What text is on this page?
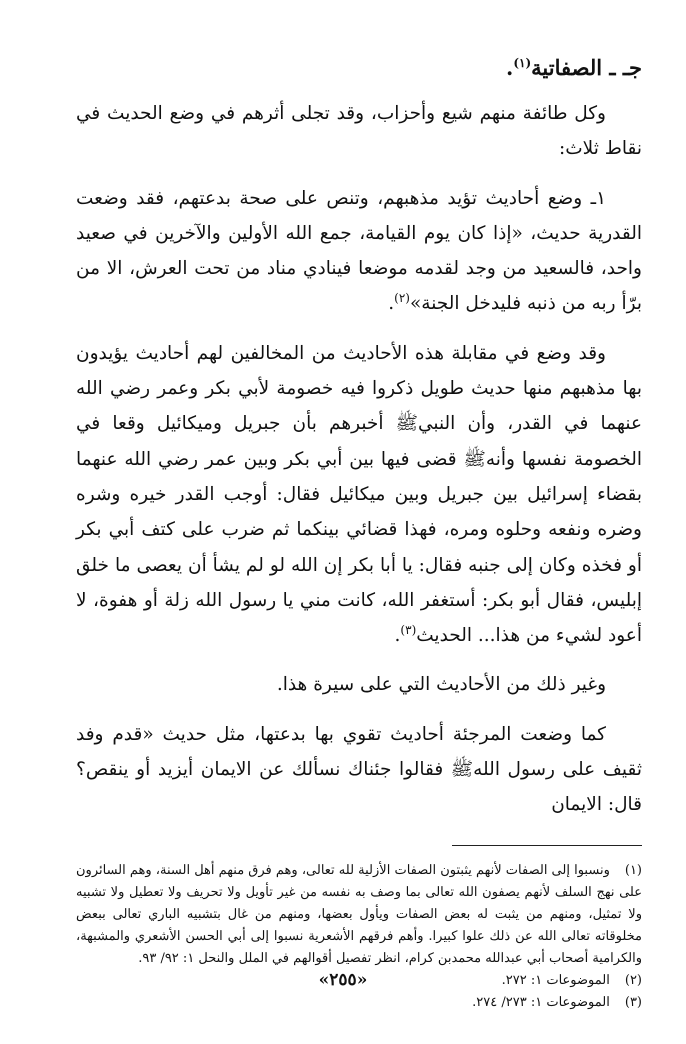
جـ ـ الصفاتية$^{(١)}$.

وكل طائفة منهم شيع وأحزاب، وقد تجلى أثرهم في وضع الحديث في نقاط ثلاث:

١ـ وضع أحاديث تؤيد مذهبهم، وتنص على صحة بدعتهم، فقد وضعت القدرية حديث، «إذا كان يوم القيامة، جمع الله الأولين والآخرين في صعيد واحد، فالسعيد من وجد لقدمه موضعا فينادي مناد من تحت العرش، الا من برّأ ربه من ذنبه فليدخل الجنة»$^{(٢)}$.

وقد وضع في مقابلة هذه الأحاديث من المخالفين لهم أحاديث يؤيدون بها مذهبهم منها حديث طويل ذكروا فيه خصومة لأبي بكر وعمر رضي الله عنهما في القدر، وأن النبيﷺ أخبرهم بأن جبريل وميكائيل وقعا في الخصومة نفسها وأنهﷺ قضى فيها بين أبي بكر وبين عمر رضي الله عنهما بقضاء إسرائيل بين جبريل وبين ميكائيل فقال: أوجب القدر خيره وشره وضره ونفعه وحلوه ومره، فهذا قضائي بينكما ثم ضرب على كتف أبي بكر أو فخذه وكان إلى جنبه فقال: يا أبا بكر إن الله لو لم يشأ أن يعصى ما خلق إبليس، فقال أبو بكر: أستغفر الله، كانت مني يا رسول الله زلة أو هفوة، لا أعود لشيء من هذا... الحديث$^{(٣)}$.

وغير ذلك من الأحاديث التي على سيرة هذا.

كما وضعت المرجئة أحاديث تقوي بها بدعتها، مثل حديث «قدم وفد ثقيف على رسول اللهﷺ فقالوا جئناك نسألك عن الايمان أيزيد أو ينقص؟ قال: الايمان

(١) ونسبوا إلى الصفات لأنهم يثبتون الصفات الأزلية لله تعالى، وهم فرق منهم أهل السنة، وهم السائرون على نهج السلف لأنهم يصفون الله تعالى بما وصف به نفسه من غير تأويل ولا تحريف ولا تعطيل ولا تشبيه ولا تمثيل، ومنهم من يثبت له بعض الصفات ويأول بعضها، ومنهم من غال بتشبيه الباري تعالى ببعض مخلوقاته تعالى الله عن ذلك علوا كبيرا. وأهم فرقهم الأشعرية نسبوا إلى أبي الحسن الأشعري والمشبهة، والكرامية أصحاب أبي عبدالله محمدبن كرام، انظر تفصيل أقوالهم في الملل والنحل ١: ٩٢/ ٩٣.

(٢) الموضوعات ١: ٢٧٢.

(٣) الموضوعات ١: ٢٧٣/ ٢٧٤.

«٢٥٥»
